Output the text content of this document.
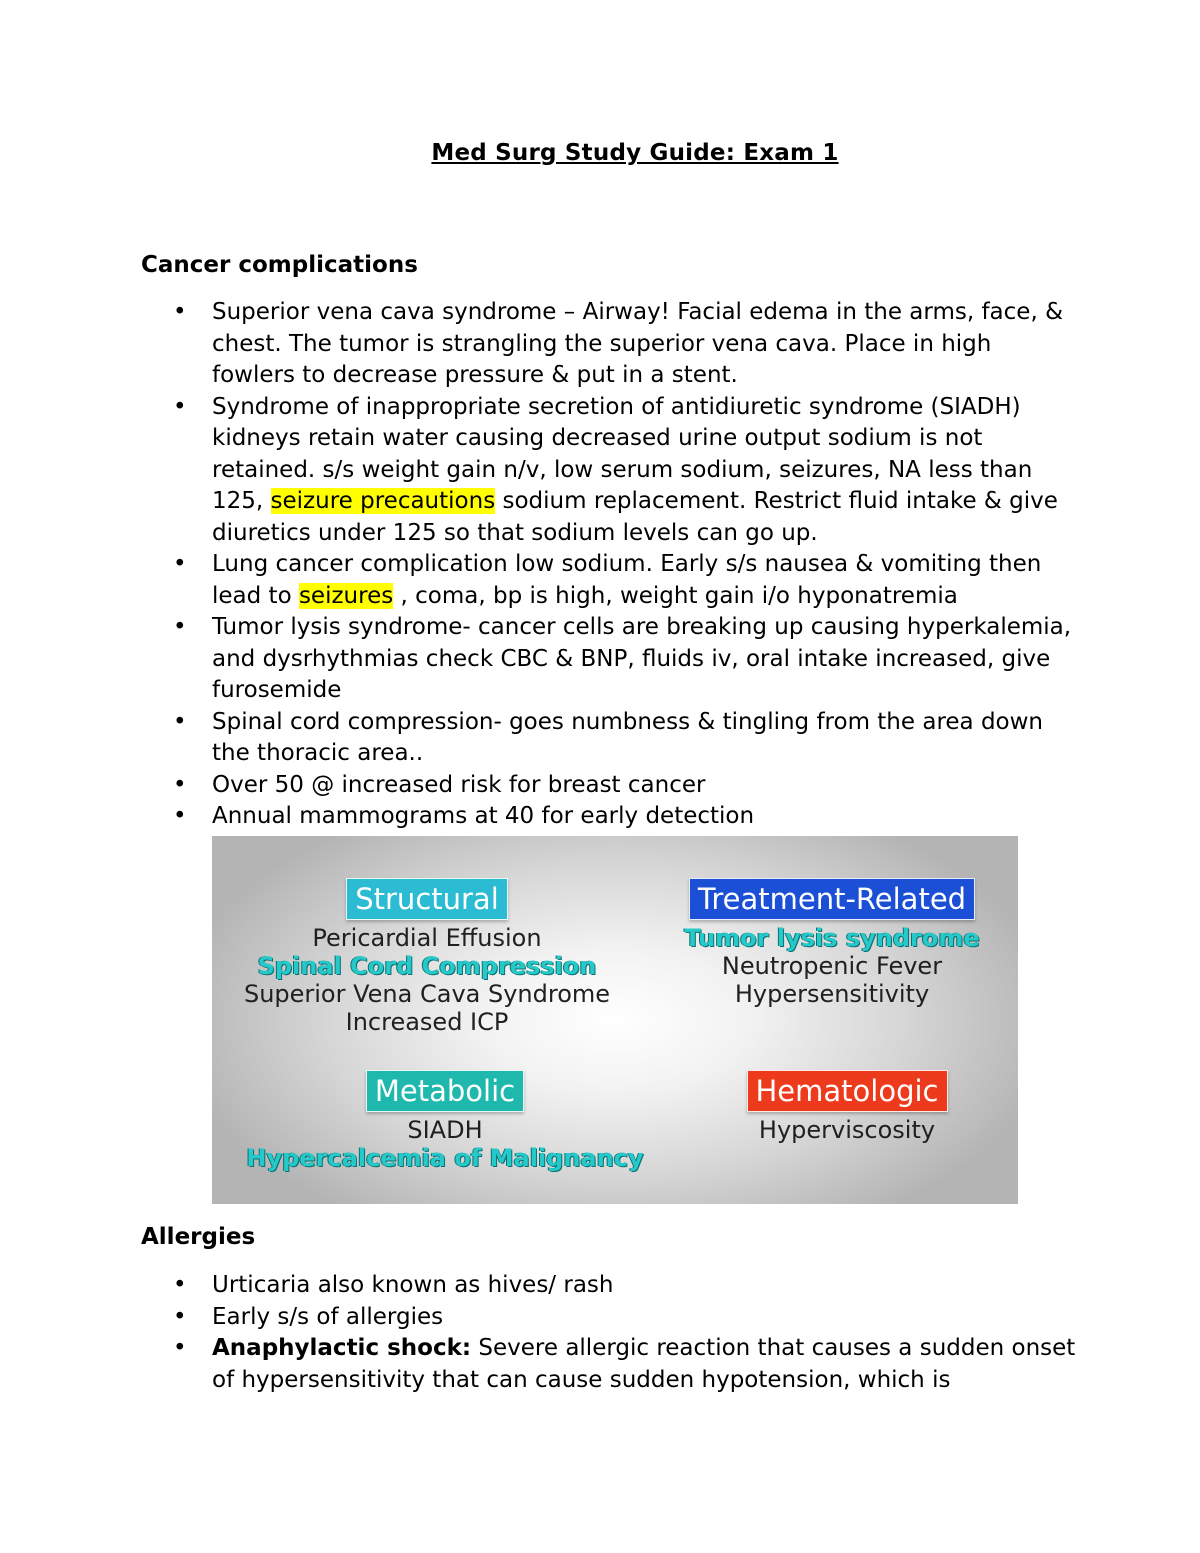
Med Surg Study Guide: Exam 1
Cancer complications
• Superior vena cava syndrome – Airway! Facial edema in the arms, face, & chest. The tumor is strangling the superior vena cava. Place in high fowlers to decrease pressure & put in a stent.
• Syndrome of inappropriate secretion of antidiuretic syndrome (SIADH) kidneys retain water causing decreased urine output sodium is not retained. s/s weight gain n/v, low serum sodium, seizures, NA less than 125, seizure precautions sodium replacement. Restrict fluid intake & give diuretics under 125 so that sodium levels can go up.
• Lung cancer complication low sodium. Early s/s nausea & vomiting then lead to seizures , coma, bp is high, weight gain i/o hyponatremia
• Tumor lysis syndrome- cancer cells are breaking up causing hyperkalemia, and dysrhythmias check CBC & BNP, fluids iv, oral intake increased, give furosemide
• Spinal cord compression- goes numbness & tingling from the area down the thoracic area..
• Over 50 @ increased risk for breast cancer
• Annual mammograms at 40 for early detection
Structural
Pericardial Effusion
Spinal Cord Compression
Superior Vena Cava Syndrome
Increased ICP
Treatment-Related
Tumor lysis syndrome
Neutropenic Fever
Hypersensitivity
Metabolic
SIADH
Hypercalcemia of Malignancy
Hematologic
Hyperviscosity
Allergies
• Urticaria also known as hives/ rash
• Early s/s of allergies
• Anaphylactic shock: Severe allergic reaction that causes a sudden onset of hypersensitivity that can cause sudden hypotension, which is
